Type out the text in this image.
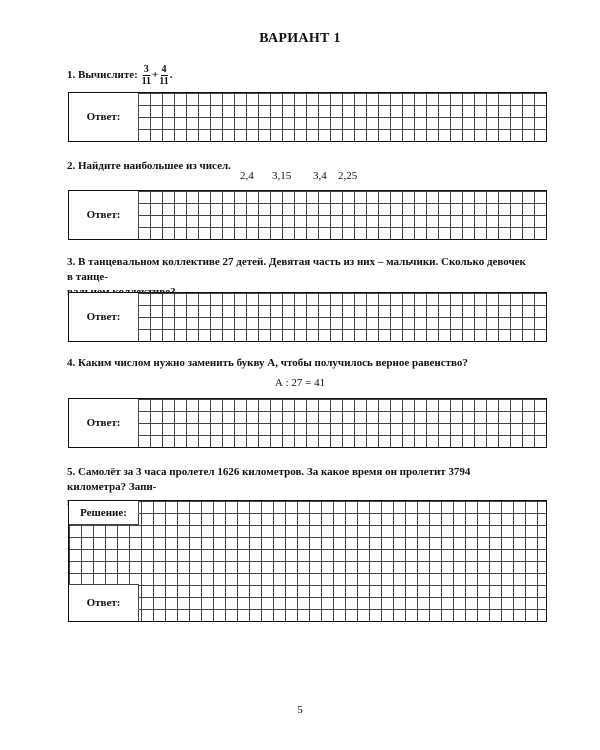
ВАРИАНТ 1
1. Вычислите: $\frac{3}{11} + \frac{4}{11}$ .
Ответ:
2. Найдите наибольшее из чисел.
2,4 3,15 3,4 2,25
Ответ:
3. В танцевальном коллективе 27 детей. Девятая часть из них – мальчики. Сколько девочек в танце-
Ответ:
4. Каким числом нужно заменить букву А, чтобы получилось верное равенство?
А : 27 = 41
Ответ:
5. Самолёт за 3 часа пролетел 1626 километров. За какое время он пролетит 3794 километра? Запи-
Решение:
Ответ:
5
